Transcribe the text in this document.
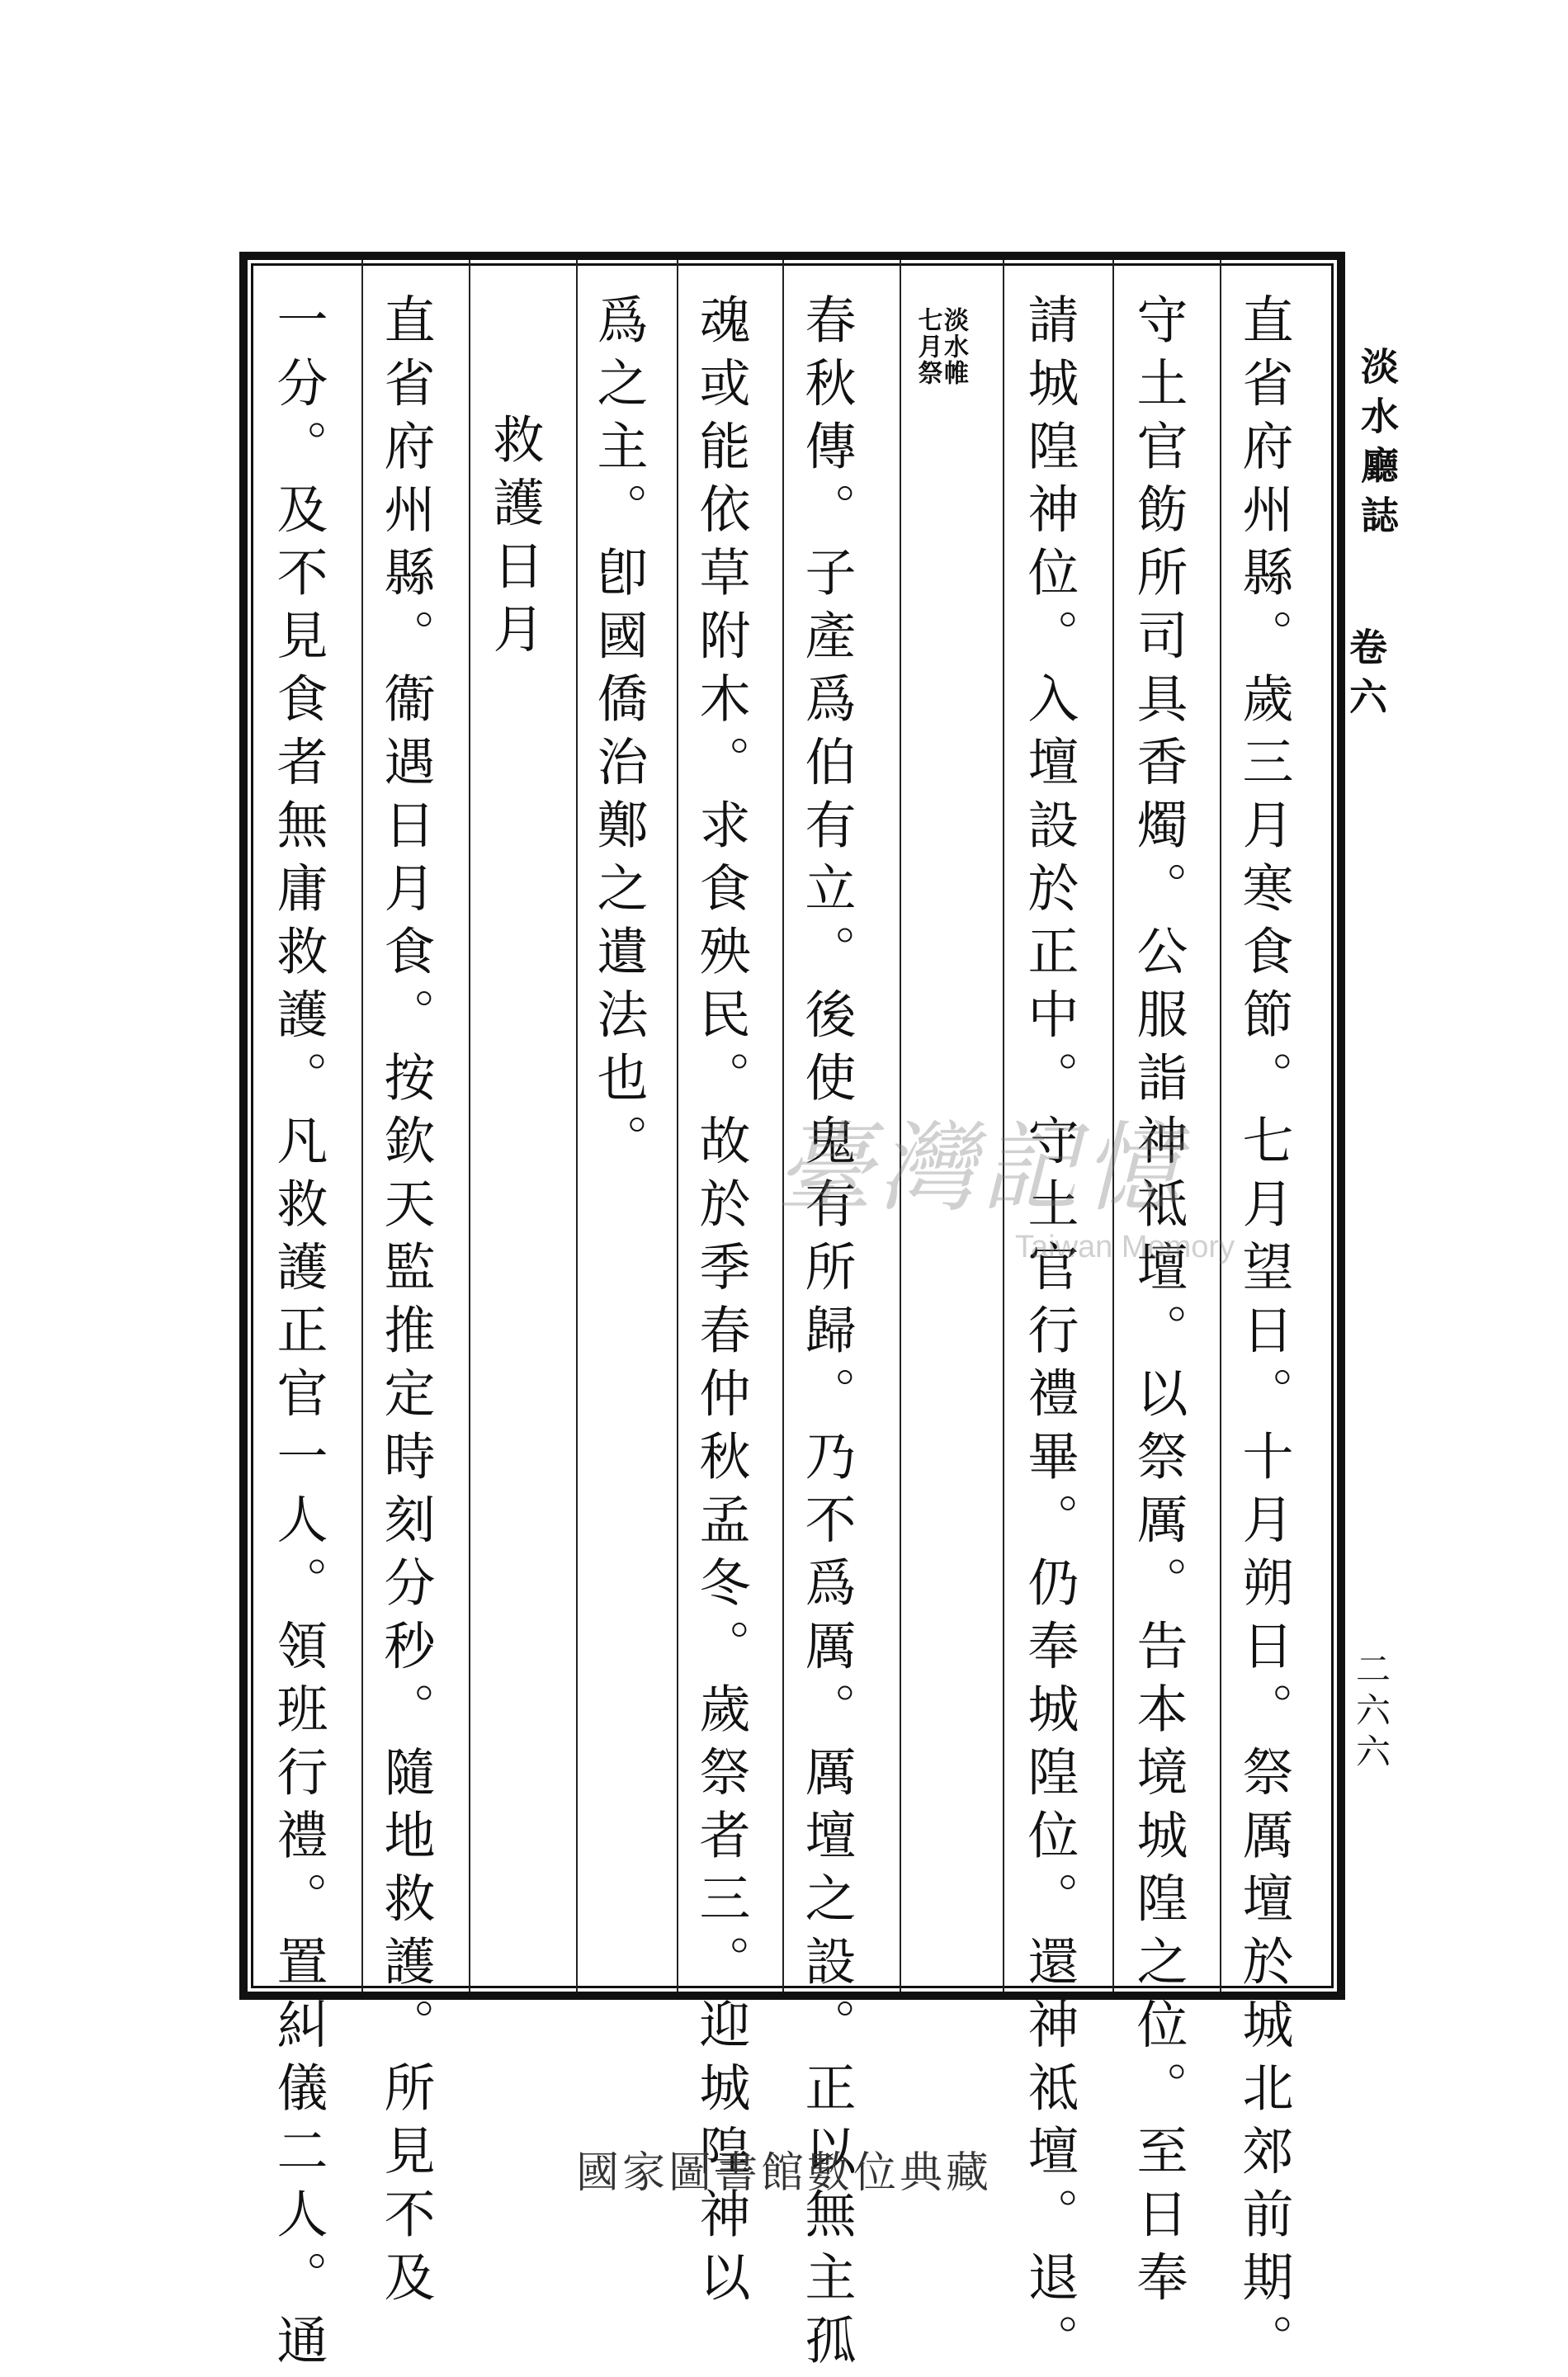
淡水廳誌
卷六
二六六
直省府州縣。歲三月寒食節。七月望日。十月朔日。祭厲壇於城北郊前期。
守土官飭所司具香燭。公服詣神祗壇。以祭厲。告本境城隍之位。至日奉
請城隍神位。入壇設於正中。守土官行禮畢。仍奉城隍位。還神祗壇。退。
淡水帷
七月祭
春秋傳。子產爲伯有立。後使鬼有所歸。乃不爲厲。厲壇之設。正以無主孤
魂或能依草附木。求食殃民。故於季春仲秋孟冬。歲祭者三。迎城隍神以
爲之主。卽國僑治鄭之遺法也。
救護日月
直省府州縣。衞遇日月食。按欽天監推定時刻分秒。隨地救護。所見不及
一分。及不見食者無庸救護。凡救護正官一人。領班行禮。置糾儀二人。通	臺灣記憶
Taiwan Memory
國家圖書館數位典藏
